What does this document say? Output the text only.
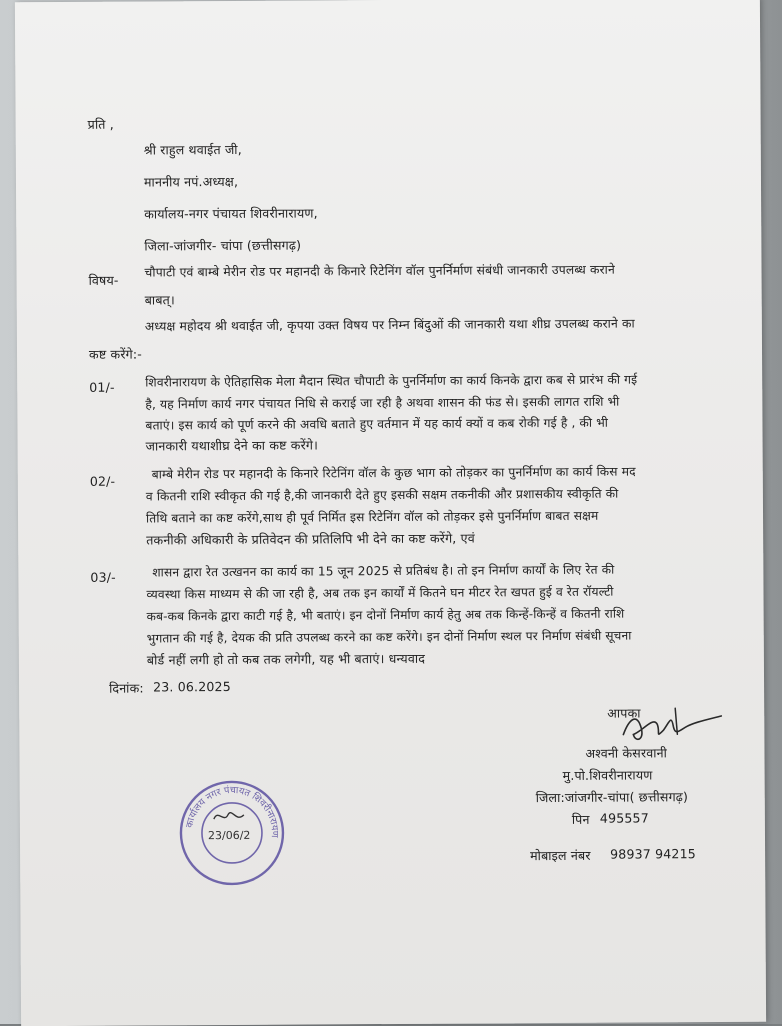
प्रति ,
श्री राहुल थवाईत जी,
माननीय नपं.अध्यक्ष,
कार्यालय-नगर पंचायत शिवरीनारायण,
जिला-जांजगीर- चांपा (छत्तीसगढ़)
विषय-
चौपाटी एवं बाम्बे मेरीन रोड पर महानदी के किनारे रिटेनिंग वॉल पुनर्निर्माण संबंधी जानकारी उपलब्ध कराने
बाबत्।
अध्यक्ष महोदय श्री थवाईत जी, कृपया उक्त विषय पर निम्न बिंदुओं की जानकारी यथा शीघ्र उपलब्ध कराने का
कष्ट करेंगे:-
01/- शिवरीनारायण के ऐतिहासिक मेला मैदान स्थित चौपाटी के पुनर्निर्माण का कार्य किनके द्वारा कब से प्रारंभ की गई
है, यह निर्माण कार्य नगर पंचायत निधि से कराई जा रही है अथवा शासन की फंड से। इसकी लागत राशि भी
बताएं। इस कार्य को पूर्ण करने की अवधि बताते हुए वर्तमान में यह कार्य क्यों व कब रोकी गई है , की भी
जानकारी यथाशीघ्र देने का कष्ट करेंगे।
02/-	बाम्बे मेरीन रोड पर महानदी के किनारे रिटेनिंग वॉल के कुछ भाग को तोड़कर का पुनर्निर्माण का कार्य किस मद
व कितनी राशि स्वीकृत की गई है,की जानकारी देते हुए इसकी सक्षम तकनीकी और प्रशासकीय स्वीकृति की
तिथि बताने का कष्ट करेंगे,साथ ही पूर्व निर्मित इस रिटेनिंग वॉल को तोड़कर इसे पुनर्निर्माण बाबत सक्षम
तकनीकी अधिकारी के प्रतिवेदन की प्रतिलिपि भी देने का कष्ट करेंगे, एवं
03/-	शासन द्वारा रेत उत्खनन का कार्य का 15 जून 2025 से प्रतिबंध है। तो इन निर्माण कार्यों के लिए रेत की
व्यवस्था किस माध्यम से की जा रही है, अब तक इन कार्यों में कितने घन मीटर रेत खपत हुई व रेत रॉयल्टी
कब-कब किनके द्वारा काटी गई है, भी बताएं। इन दोनों निर्माण कार्य हेतु अब तक किन्हें-किन्हें व कितनी राशि
भुगतान की गई है, देयक की प्रति उपलब्ध करने का कष्ट करेंगे। इन दोनों निर्माण स्थल पर निर्माण संबंधी सूचना
बोर्ड नहीं लगी हो तो कब तक लगेगी, यह भी बताएं। धन्यवाद
दिनांक: 23. 06.2025
आपका
अश्वनी केसरवानी
मु.पो.शिवरीनारायण
जिला:जांजगीर-चांपा( छत्तीसगढ़)
पिन 495557
मोबाइल नंबर 98937 94215
कार्यालय नगर पंचायत शिवरीनारायण
23/06/2
